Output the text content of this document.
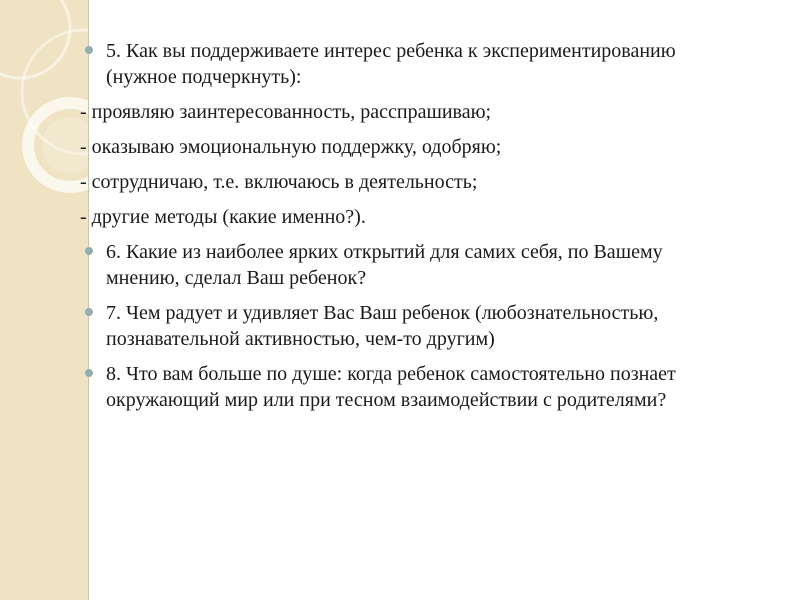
5. Как вы поддерживаете интерес ребенка к экспериментированию (нужное подчеркнуть):
- проявляю заинтересованность, расспрашиваю;
- оказываю эмоциональную поддержку, одобряю;
- сотрудничаю, т.е. включаюсь в деятельность;
- другие методы (какие именно?).
6. Какие из наиболее ярких открытий для самих себя, по Вашему мнению, сделал Ваш ребенок?
7. Чем радует и удивляет Вас Ваш ребенок (любознательностью, познавательной активностью, чем-то другим)
8. Что вам больше по душе: когда ребенок самостоятельно познает окружающий мир или при тесном взаимодействии с родителями?
